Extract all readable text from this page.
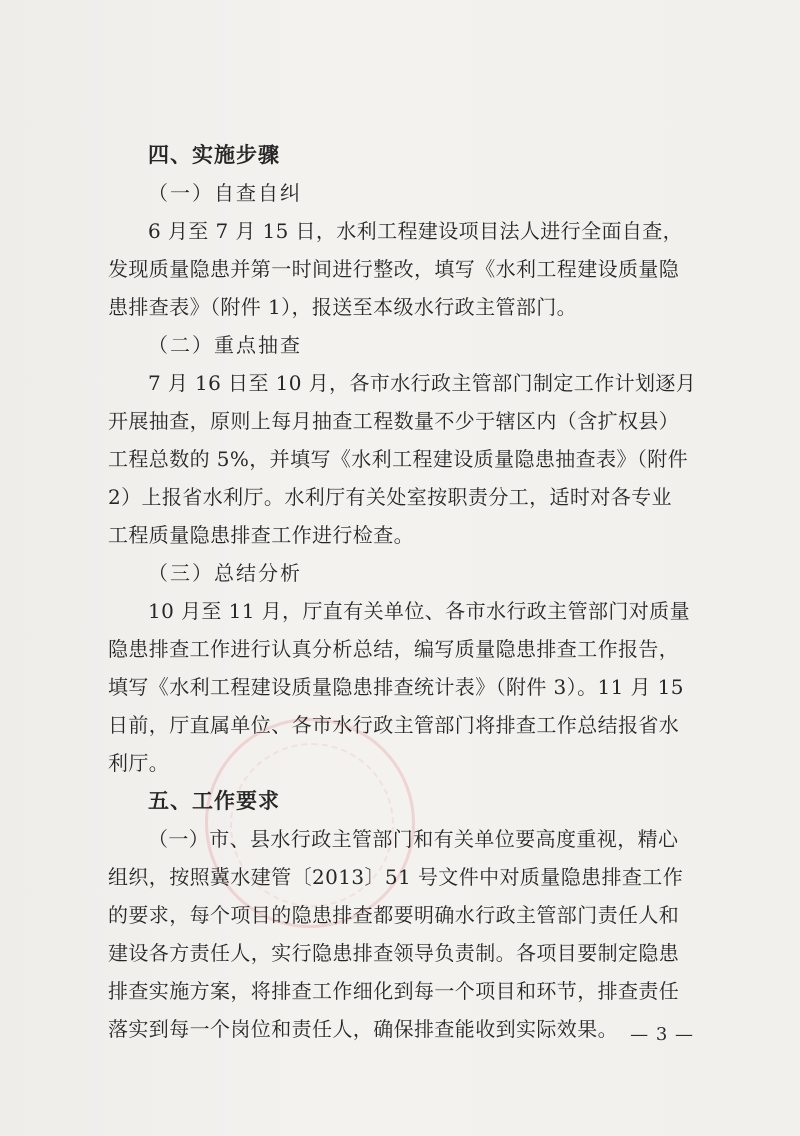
四、实施步骤
（一）自查自纠
6 月至 7 月 15 日，水利工程建设项目法人进行全面自查，
发现质量隐患并第一时间进行整改，填写《水利工程建设质量隐
患排查表》（附件 1），报送至本级水行政主管部门。
（二）重点抽查
7 月 16 日至 10 月，各市水行政主管部门制定工作计划逐月
开展抽查，原则上每月抽查工程数量不少于辖区内（含扩权县）
工程总数的 5%，并填写《水利工程建设质量隐患抽查表》（附件
2）上报省水利厅。水利厅有关处室按职责分工，适时对各专业
工程质量隐患排查工作进行检查。
（三）总结分析
10 月至 11 月，厅直有关单位、各市水行政主管部门对质量
隐患排查工作进行认真分析总结，编写质量隐患排查工作报告，
填写《水利工程建设质量隐患排查统计表》（附件 3）。11 月 15
日前，厅直属单位、各市水行政主管部门将排查工作总结报省水
利厅。
五、工作要求
（一）市、县水行政主管部门和有关单位要高度重视，精心
组织，按照冀水建管〔2013〕51 号文件中对质量隐患排查工作
的要求，每个项目的隐患排查都要明确水行政主管部门责任人和
建设各方责任人，实行隐患排查领导负责制。各项目要制定隐患
排查实施方案，将排查工作细化到每一个项目和环节，排查责任
落实到每一个岗位和责任人，确保排查能收到实际效果。 — 3 —
